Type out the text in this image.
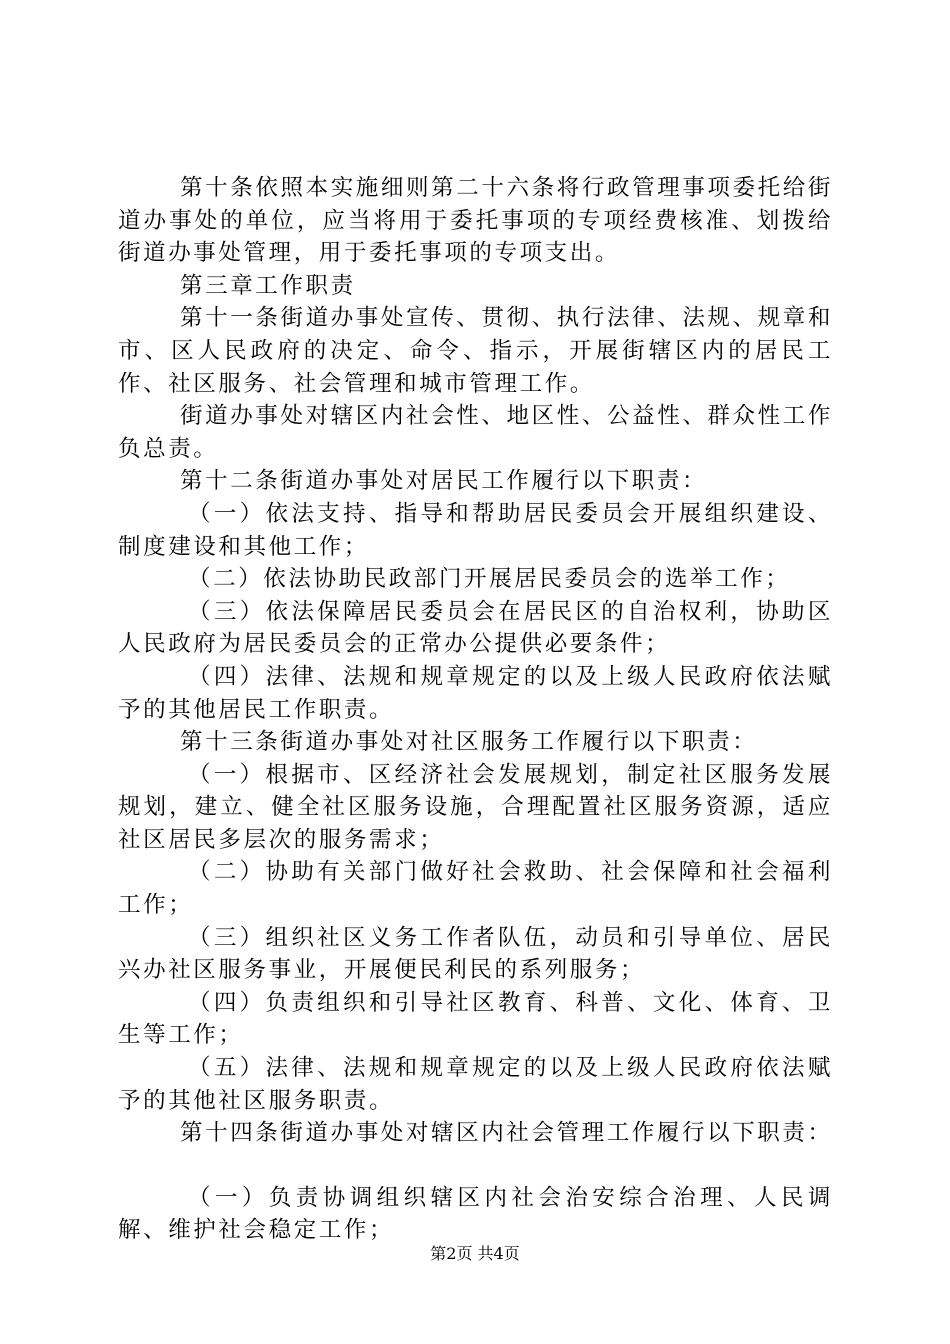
第十条依照本实施细则第二十六条将行政管理事项委托给街道办事处的单位，应当将用于委托事项的专项经费核准、划拨给街道办事处管理，用于委托事项的专项支出。

第三章工作职责

第十一条街道办事处宣传、贯彻、执行法律、法规、规章和市、区人民政府的决定、命令、指示，开展街辖区内的居民工作、社区服务、社会管理和城市管理工作。

街道办事处对辖区内社会性、地区性、公益性、群众性工作负总责。

第十二条街道办事处对居民工作履行以下职责：

（一）依法支持、指导和帮助居民委员会开展组织建设、制度建设和其他工作；

（二）依法协助民政部门开展居民委员会的选举工作；

（三）依法保障居民委员会在居民区的自治权利，协助区人民政府为居民委员会的正常办公提供必要条件；

（四）法律、法规和规章规定的以及上级人民政府依法赋予的其他居民工作职责。

第十三条街道办事处对社区服务工作履行以下职责：

（一）根据市、区经济社会发展规划，制定社区服务发展规划，建立、健全社区服务设施，合理配置社区服务资源，适应社区居民多层次的服务需求；

（二）协助有关部门做好社会救助、社会保障和社会福利工作；

（三）组织社区义务工作者队伍，动员和引导单位、居民兴办社区服务事业，开展便民利民的系列服务；

（四）负责组织和引导社区教育、科普、文化、体育、卫生等工作；

（五）法律、法规和规章规定的以及上级人民政府依法赋予的其他社区服务职责。

第十四条街道办事处对辖区内社会管理工作履行以下职责：

（一）负责协调组织辖区内社会治安综合治理、人民调解、维护社会稳定工作；

第2页 共4页
